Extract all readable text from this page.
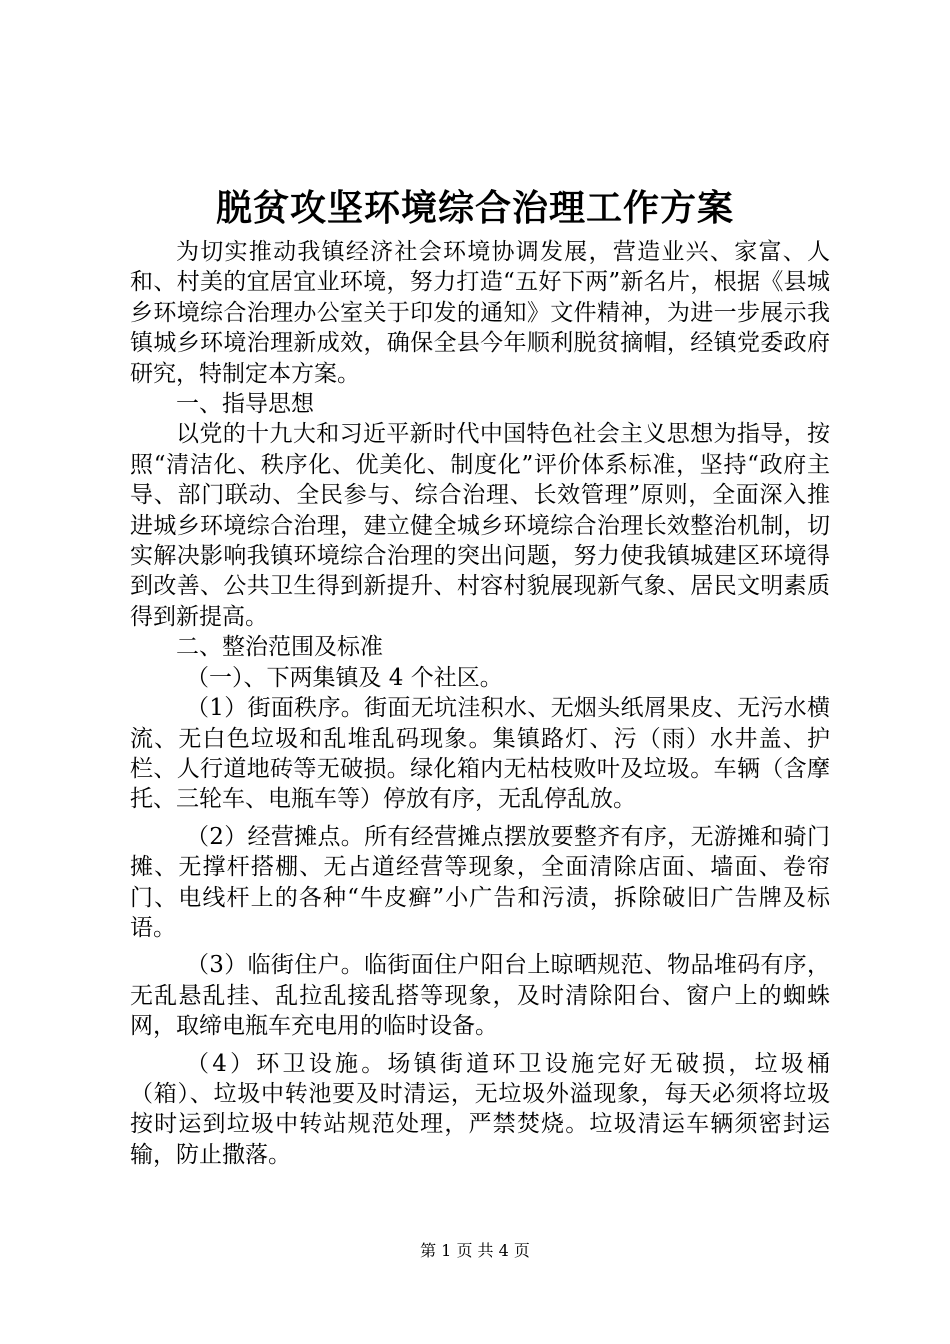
脱贫攻坚环境综合治理工作方案

为切实推动我镇经济社会环境协调发展，营造业兴、家富、人和、村美的宜居宜业环境，努力打造“五好下两”新名片，根据《县城乡环境综合治理办公室关于印发的通知》文件精神，为进一步展示我镇城乡环境治理新成效，确保全县今年顺利脱贫摘帽，经镇党委政府研究，特制定本方案。

一、指导思想

以党的十九大和习近平新时代中国特色社会主义思想为指导，按照“清洁化、秩序化、优美化、制度化”评价体系标准，坚持“政府主导、部门联动、全民参与、综合治理、长效管理”原则，全面深入推进城乡环境综合治理，建立健全城乡环境综合治理长效整治机制，切实解决影响我镇环境综合治理的突出问题，努力使我镇城建区环境得到改善、公共卫生得到新提升、村容村貌展现新气象、居民文明素质得到新提高。

二、整治范围及标准

（一）、下两集镇及 4 个社区。

（1）街面秩序。街面无坑洼积水、无烟头纸屑果皮、无污水横流、无白色垃圾和乱堆乱码现象。集镇路灯、污（雨）水井盖、护栏、人行道地砖等无破损。绿化箱内无枯枝败叶及垃圾。车辆（含摩托、三轮车、电瓶车等）停放有序，无乱停乱放。

（2）经营摊点。所有经营摊点摆放要整齐有序，无游摊和骑门摊、无撑杆搭棚、无占道经营等现象，全面清除店面、墙面、卷帘门、电线杆上的各种“牛皮癣”小广告和污渍，拆除破旧广告牌及标语。

（3）临街住户。临街面住户阳台上晾晒规范、物品堆码有序，无乱悬乱挂、乱拉乱接乱搭等现象，及时清除阳台、窗户上的蜘蛛网，取缔电瓶车充电用的临时设备。

（4）环卫设施。场镇街道环卫设施完好无破损，垃圾桶（箱）、垃圾中转池要及时清运，无垃圾外溢现象，每天必须将垃圾按时运到垃圾中转站规范处理，严禁焚烧。垃圾清运车辆须密封运输，防止撒落。

第 1 页 共 4 页
